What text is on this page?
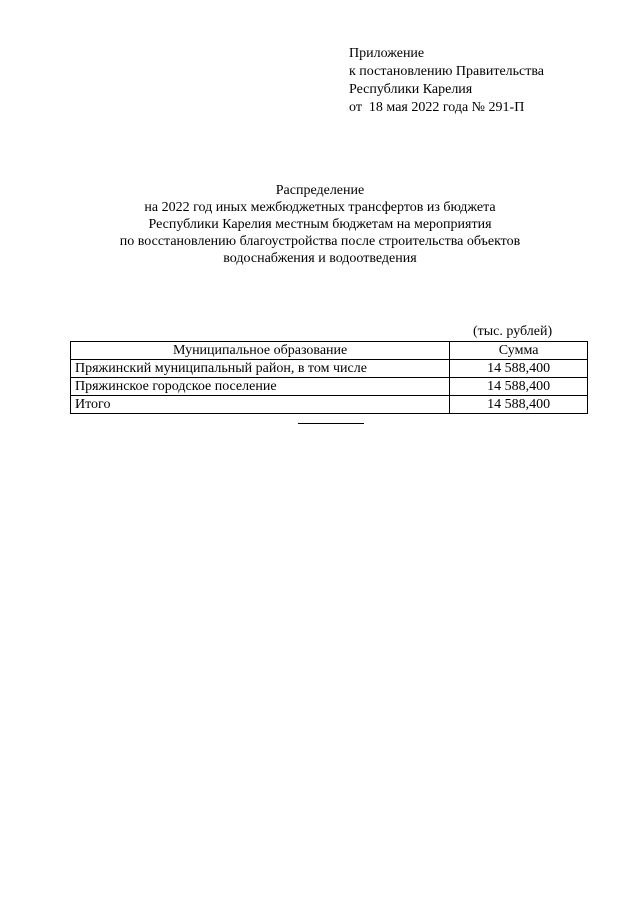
Приложение
к постановлению Правительства
Республики Карелия
от  18 мая 2022 года № 291-П
Распределение
на 2022 год иных межбюджетных трансфертов из бюджета
Республики Карелия местным бюджетам на мероприятия
по восстановлению благоустройства после строительства объектов
водоснабжения и водоотведения
(тыс. рублей)
Муниципальное образование	Сумма
Пряжинский муниципальный район, в том числе	14 588,400
Пряжинское городское поселение	14 588,400
Итого	14 588,400
